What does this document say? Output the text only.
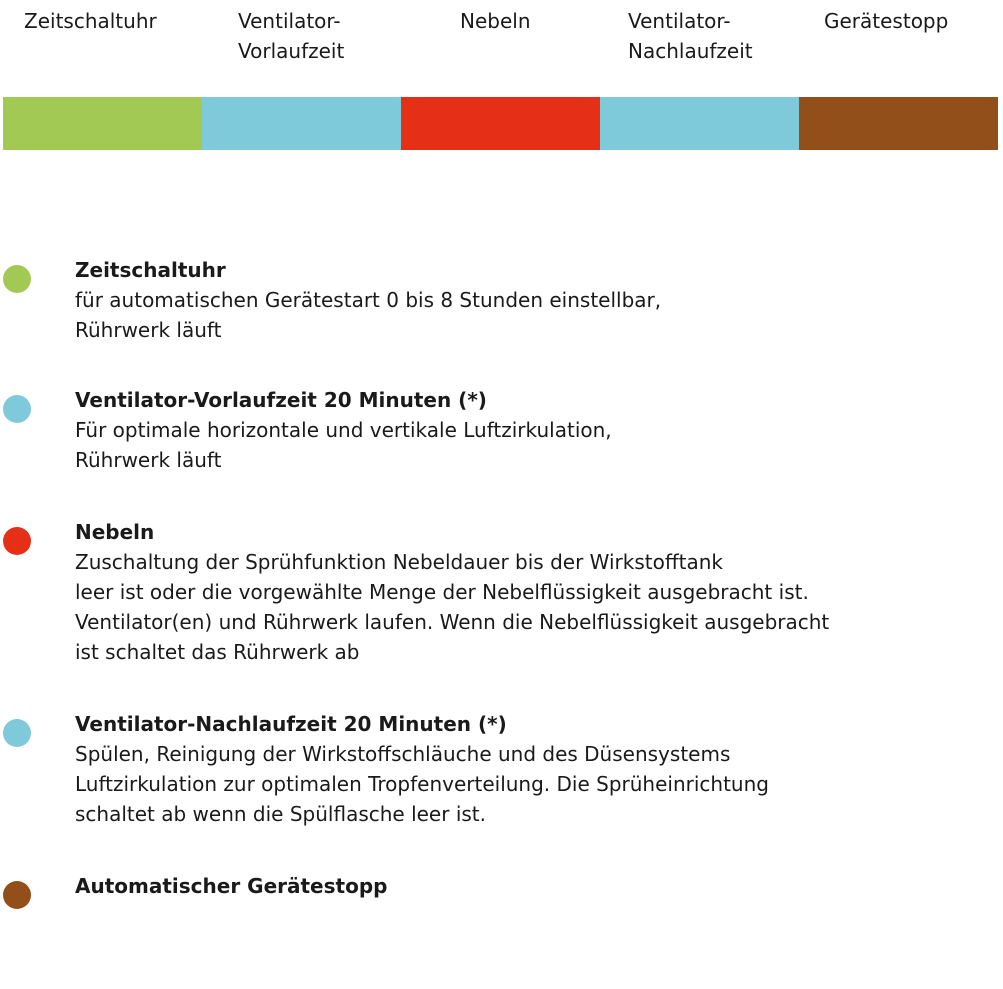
Zeitschaltuhr	Ventilator-
Vorlaufzeit
Nebeln	Ventilator-
Nachlaufzeit
Gerätestopp
Zeitschaltuhr
für automatischen Gerätestart 0 bis 8 Stunden einstellbar,
Rührwerk läuft
Ventilator-Vorlaufzeit 20 Minuten (*)
Für optimale horizontale und vertikale Luftzirkulation,
Rührwerk läuft
Nebeln
Zuschaltung der Sprühfunktion Nebeldauer bis der Wirkstofftank
leer ist oder die vorgewählte Menge der Nebelflüssigkeit ausgebracht ist.
Ventilator(en) und Rührwerk laufen. Wenn die Nebelflüssigkeit ausgebracht
ist schaltet das Rührwerk ab
Ventilator-Nachlaufzeit 20 Minuten (*)
Spülen, Reinigung der Wirkstoffschläuche und des Düsensystems
Luftzirkulation zur optimalen Tropfenverteilung. Die Sprüheinrichtung
schaltet ab wenn die Spülflasche leer ist.
Automatischer Gerätestopp
